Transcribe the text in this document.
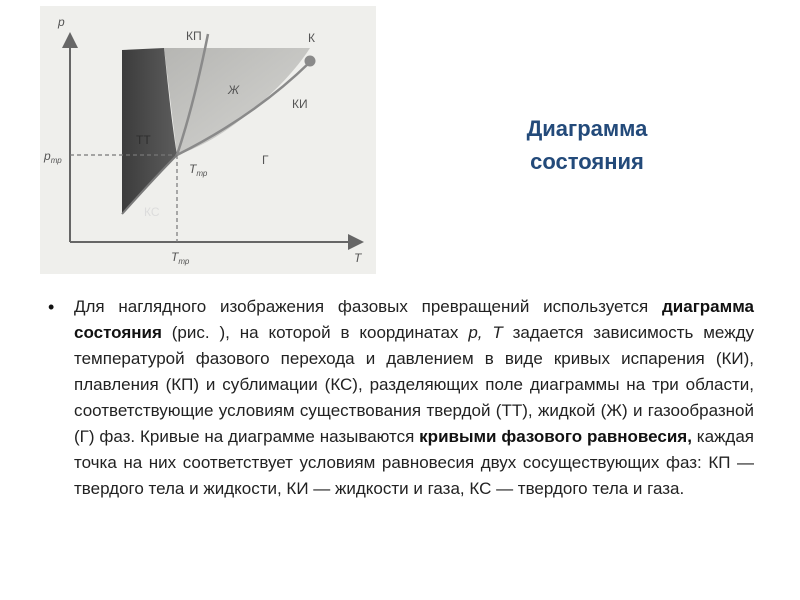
p
T
$p_{тр}$
$T_{тр}$
$T_{тр}$
КП	К
Ж
КИ
ТТ
Г
КС
Диаграмма
состояния
• Для наглядного изображения фазовых превращений используется диаграмма состояния (рис. ), на которой в координатах р, Т задается зависимость между температурой фазового перехода и давлением в виде кривых испарения (КИ), плавления (КП) и сублимации (КС), разделяющих поле диаграммы на три области, соответствующие условиям существования твердой (ТТ), жидкой (Ж) и газообразной (Г) фаз. Кривые на диаграмме называются кривыми фазового равновесия, каждая точка на них соответствует условиям равновесия двух сосуществующих фаз: КП — твердого тела и жидкости, КИ — жидкости и газа, КС — твердого тела и газа.
